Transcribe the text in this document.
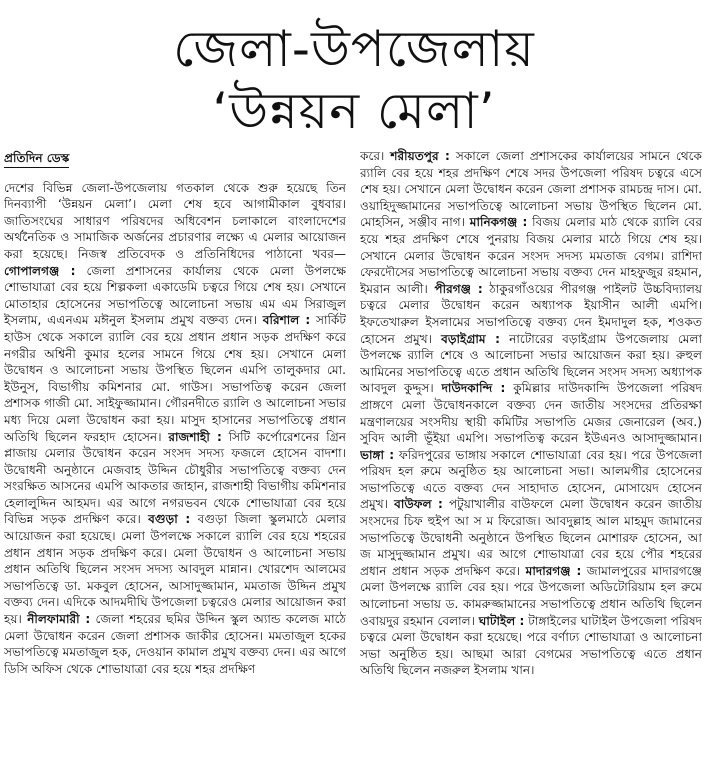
জেলা-উপজেলায়
‘উন্নয়ন মেলা’
প্রতিদিন ডেস্ক

দেশের বিভিন্ন জেলা-উপজেলায় গতকাল থেকে শুরু হয়েছে তিন দিনব্যাপী ‘উন্নয়ন মেলা’। মেলা শেষ হবে আগামীকাল বুধবার। জাতিসংঘের সাধারণ পরিষদের অধিবেশন চলাকালে বাংলাদেশের অর্থনৈতিক ও সামাজিক অর্জনের প্রচারণার লক্ষ্যে এ মেলার আয়োজন করা হয়েছে। নিজস্ব প্রতিবেদক ও প্রতিনিধিদের পাঠানো খবর— গোপালগঞ্জ : জেলা প্রশাসনের কার্যালয় থেকে মেলা উপলক্ষে শোভাযাত্রা বের হয়ে শিল্পকলা একাডেমি চত্বরে গিয়ে শেষ হয়। সেখানে মোতাহার হোসেনের সভাপতিত্বে আলোচনা সভায় এম এম সিরাজুল ইসলাম, এএনএম মঈনুল ইসলাম প্রমুখ বক্তব্য দেন। বরিশাল : সার্কিট হাউস থেকে সকালে র‌্যালি বের হয়ে প্রধান প্রধান সড়ক প্রদক্ষিণ করে নগরীর অশ্বিনী কুমার হলের সামনে গিয়ে শেষ হয়। সেখানে মেলা উদ্বোধন ও আলোচনা সভায় উপস্থিত ছিলেন এমপি তালুকদার মো. ইউনুস, বিভাগীয় কমিশনার মো. গাউস। সভাপতিত্ব করেন জেলা প্রশাসক গাজী মো. সাইফুজ্জামান। গৌরনদীতে র‌্যালি ও আলোচনা সভার মধ্য দিয়ে মেলা উদ্বোধন করা হয়। মাসুদ হাসানের সভাপতিত্বে প্রধান অতিথি ছিলেন ফরহাদ হোসেন। রাজশাহী : সিটি কর্পোরেশনের গ্রিন প্লাজায় মেলার উদ্বোধন করেন সংসদ সদস্য ফজলে হোসেন বাদশা। উদ্বোধনী অনুষ্ঠানে মেজবাহ উদ্দিন চৌধুরীর সভাপতিত্বে বক্তব্য দেন সংরক্ষিত আসনের এমপি আকতার জাহান, রাজশাহী বিভাগীয় কমিশনার হেলালুদ্দিন আহমদ। এর আগে নগরভবন থেকে শোভাযাত্রা বের হয়ে বিভিন্ন সড়ক প্রদক্ষিণ করে। বগুড়া : বগুড়া জিলা স্কুলমাঠে মেলার আয়োজন করা হয়েছে। মেলা উপলক্ষে সকালে র‌্যালি বের হয়ে শহরের প্রধান প্রধান সড়ক প্রদক্ষিণ করে। মেলা উদ্বোধন ও আলোচনা সভায় প্রধান অতিথি ছিলেন সংসদ সদস্য আবদুল মান্নান। খোরশেদ আলমের সভাপতিত্বে ডা. মকবুল হোসেন, আসাদুজ্জামান, মমতাজ উদ্দিন প্রমুখ বক্তব্য দেন। এদিকে আদমদীঘি উপজেলা চত্বরেও মেলার আয়োজন করা হয়। নীলফামারী : জেলা শহরের ছমির উদ্দিন স্কুল অ্যান্ড কলেজ মাঠে মেলা উদ্বোধন করেন জেলা প্রশাসক জাকীর হোসেন। মমতাজুল হকের সভাপতিত্বে মমতাজুল হক, দেওয়ান কামাল প্রমুখ বক্তব্য দেন। এর আগে ডিসি অফিস থেকে শোভাযাত্রা বের হয়ে শহর প্রদক্ষিণ

করে। শরীয়তপুর : সকালে জেলা প্রশাসকের কার্যালয়ের সামনে থেকে র‌্যালি বের হয়ে শহর প্রদক্ষিণ শেষে সদর উপজেলা পরিষদ চত্বরে এসে শেষ হয়। সেখানে মেলা উদ্বোধন করেন জেলা প্রশাসক রামচন্দ্র দাস। মো. ওয়াহিদুজ্জামানের সভাপতিত্বে আলোচনা সভায় উপস্থিত ছিলেন মো. মোহসিন, সঞ্জীব নাগ। মানিকগঞ্জ : বিজয় মেলার মাঠ থেকে র‌্যালি বের হয়ে শহর প্রদক্ষিণ শেষে পুনরায় বিজয় মেলার মাঠে গিয়ে শেষ হয়। সেখানে মেলার উদ্বোধন করেন সংসদ সদস্য মমতাজ বেগম। রাশিদা ফেরদৌসের সভাপতিত্বে আলোচনা সভায় বক্তব্য দেন মাহফুজুর রহমান, ইমরান আলী। পীরগঞ্জ : ঠাকুরগাঁওয়ের পীরগঞ্জ পাইলট উচ্চবিদ্যালয় চত্বরে মেলার উদ্বোধন করেন অধ্যাপক ইয়াসীন আলী এমপি। ইফতেখারুল ইসলামের সভাপতিত্বে বক্তব্য দেন ইমদাদুল হক, শওকত হোসেন প্রমুখ। বড়াইগ্রাম : নাটোরের বড়াইগ্রাম উপজেলায় মেলা উপলক্ষে র‌্যালি শেষে ও আলোচনা সভার আয়োজন করা হয়। রুহুল আমিনের সভাপতিত্বে এতে প্রধান অতিথি ছিলেন সংসদ সদস্য অধ্যাপক আবদুল কুদ্দুস। দাউদকান্দি : কুমিল্লার দাউদকান্দি উপজেলা পরিষদ প্রাঙ্গণে মেলা উদ্বোধনকালে বক্তব্য দেন জাতীয় সংসদের প্রতিরক্ষা মন্ত্রণালয়ের সংসদীয় স্থায়ী কমিটির সভাপতি মেজর জেনারেল (অব.) সুবিদ আলী ভূঁইয়া এমপি। সভাপতিত্ব করেন ইউএনও আসাদুজ্জামান। ভাঙ্গা : ফরিদপুরের ভাঙ্গায় সকালে শোভাযাত্রা বের হয়। পরে উপজেলা পরিষদ হল রুমে অনুষ্ঠিত হয় আলোচনা সভা। আলমগীর হোসেনের সভাপতিত্বে এতে বক্তব্য দেন সাহাদাত হোসেন, মোসায়েদ হোসেন প্রমুখ। বাউফল : পটুয়াখালীর বাউফলে মেলা উদ্বোধন করেন জাতীয় সংসদের চিফ হুইপ আ স ম ফিরোজ। আবদুল্লাহ আল মাহমুদ জামানের সভাপতিত্বে উদ্বোধনী অনুষ্ঠানে উপস্থিত ছিলেন মোশারফ হোসেন, আ জ মাসুদুজ্জামান প্রমুখ। এর আগে শোভাযাত্রা বের হয়ে পৌর শহরের প্রধান প্রধান সড়ক প্রদক্ষিণ করে। মাদারগঞ্জ : জামালপুরের মাদারগঞ্জে মেলা উপলক্ষে র‌্যালি বের হয়। পরে উপজেলা অডিটোরিয়াম হল রুমে আলোচনা সভায় ড. কামরুজ্জামানের সভাপতিত্বে প্রধান অতিথি ছিলেন ওবায়দুর রহমান বেলাল। ঘাটাইল : টাঙ্গাইলের ঘাটাইল উপজেলা পরিষদ চত্বরে মেলা উদ্বোধন করা হয়েছে। পরে বর্ণাঢ্য শোভাযাত্রা ও আলোচনা সভা অনুষ্ঠিত হয়। আছমা আরা বেগমের সভাপতিত্বে এতে প্রধান অতিথি ছিলেন নজরুল ইসলাম খান।
